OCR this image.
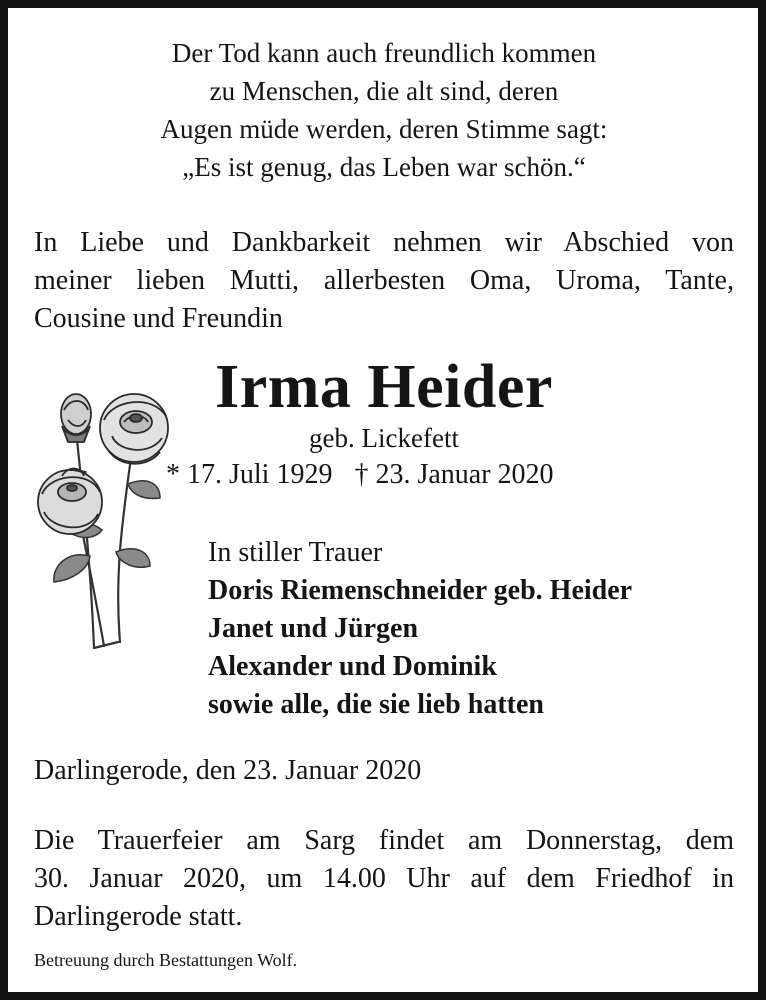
Der Tod kann auch freundlich kommen
zu Menschen, die alt sind, deren
Augen müde werden, deren Stimme sagt:
„Es ist genug, das Leben war schön.“
In Liebe und Dankbarkeit nehmen wir Abschied von
meiner lieben Mutti, allerbesten Oma, Uroma, Tante,
Cousine und Freundin
Irma Heider
geb. Lickefett
* 17. Juli 1929 † 23. Januar 2020
In stiller Trauer
Doris Riemenschneider geb. Heider
Janet und Jürgen
Alexander und Dominik
sowie alle, die sie lieb hatten
Darlingerode, den 23. Januar 2020
Die Trauerfeier am Sarg findet am Donnerstag, dem
30. Januar 2020, um 14.00 Uhr auf dem Friedhof in
Darlingerode statt.
Betreuung durch Bestattungen Wolf.
